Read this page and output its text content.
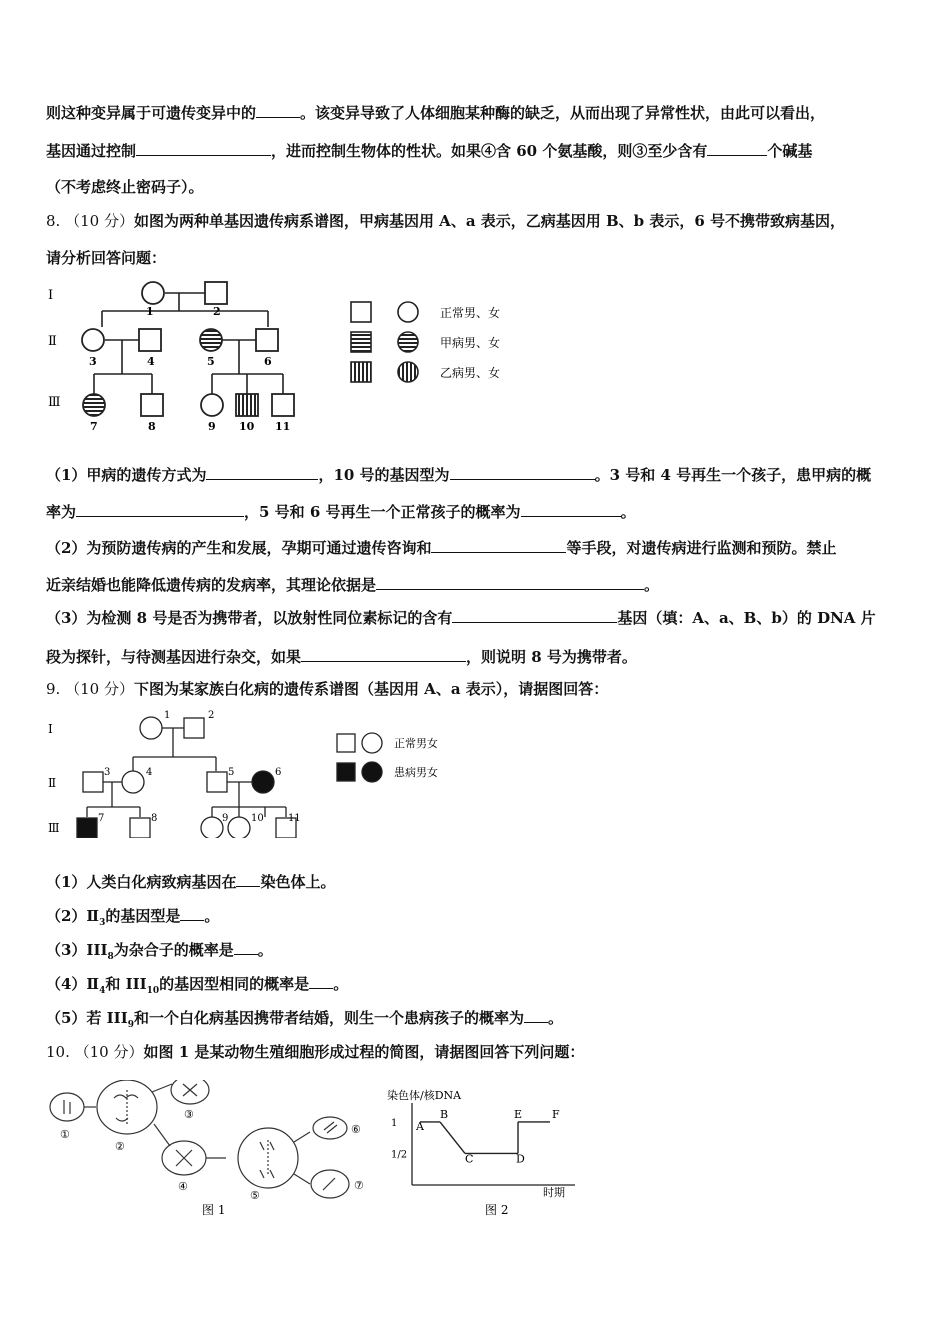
则这种变异属于可遗传变异中的	。该变异导致了人体细胞某种酶的缺乏，从而出现了异常性状，由此可以看出，
基因通过控制	，进而控制生物体的性状。如果④含 60 个氨基酸，则③至少含有	个碱基
（不考虑终止密码子）。
8. （10 分）如图为两种单基因遗传病系谱图，甲病基因用 A、a 表示，乙病基因用 B、b 表示，6 号不携带致病基因，
请分析回答问题：
Ⅰ
Ⅱ
Ⅲ
1	2
3	4	5	6
7	8	9 10 11
正常男、女
甲病男、女
乙病男、女
（1）甲病的遗传方式为	，10 号的基因型为	。3 号和 4 号再生一个孩子，患甲病的概
率为	，5 号和 6 号再生一个正常孩子的概率为	。
（2）为预防遗传病的产生和发展，孕期可通过遗传咨询和	等手段，对遗传病进行监测和预防。禁止
近亲结婚也能降低遗传病的发病率，其理论依据是	。
（3）为检测 8 号是否为携带者，以放射性同位素标记的含有	基因（填：A、a、B、b）的 DNA 片
段为探针，与待测基因进行杂交，如果	，则说明 8 号为携带者。
9. （10 分）下图为某家族白化病的遗传系谱图（基因用 A、a 表示），请据图回答：
Ⅰ
Ⅱ
Ⅲ
1	2
3	4	5	6
7	8	9 10 11
正常男女
患病男女
（1）人类白化病致病基因在 染色体上。
$(2)Ⅱ_3$的基因型是 。
$(3)III_8$为杂合子的概率是 。
$(4)Ⅱ_4$和 $III_{10}$的基因型相同的概率是 。
（5）若 $III_9$和一个白化病基因携带者结婚，则生一个患病孩子的概率为 。
10. （10 分）如图 1 是某动物生殖细胞形成过程的简图，请据图回答下列问题：
①
②
③
④
⑤
⑥
⑦
图 1
染色体/核DNA
时期
1/2
1 A
B
C	D
E	F
图 2
